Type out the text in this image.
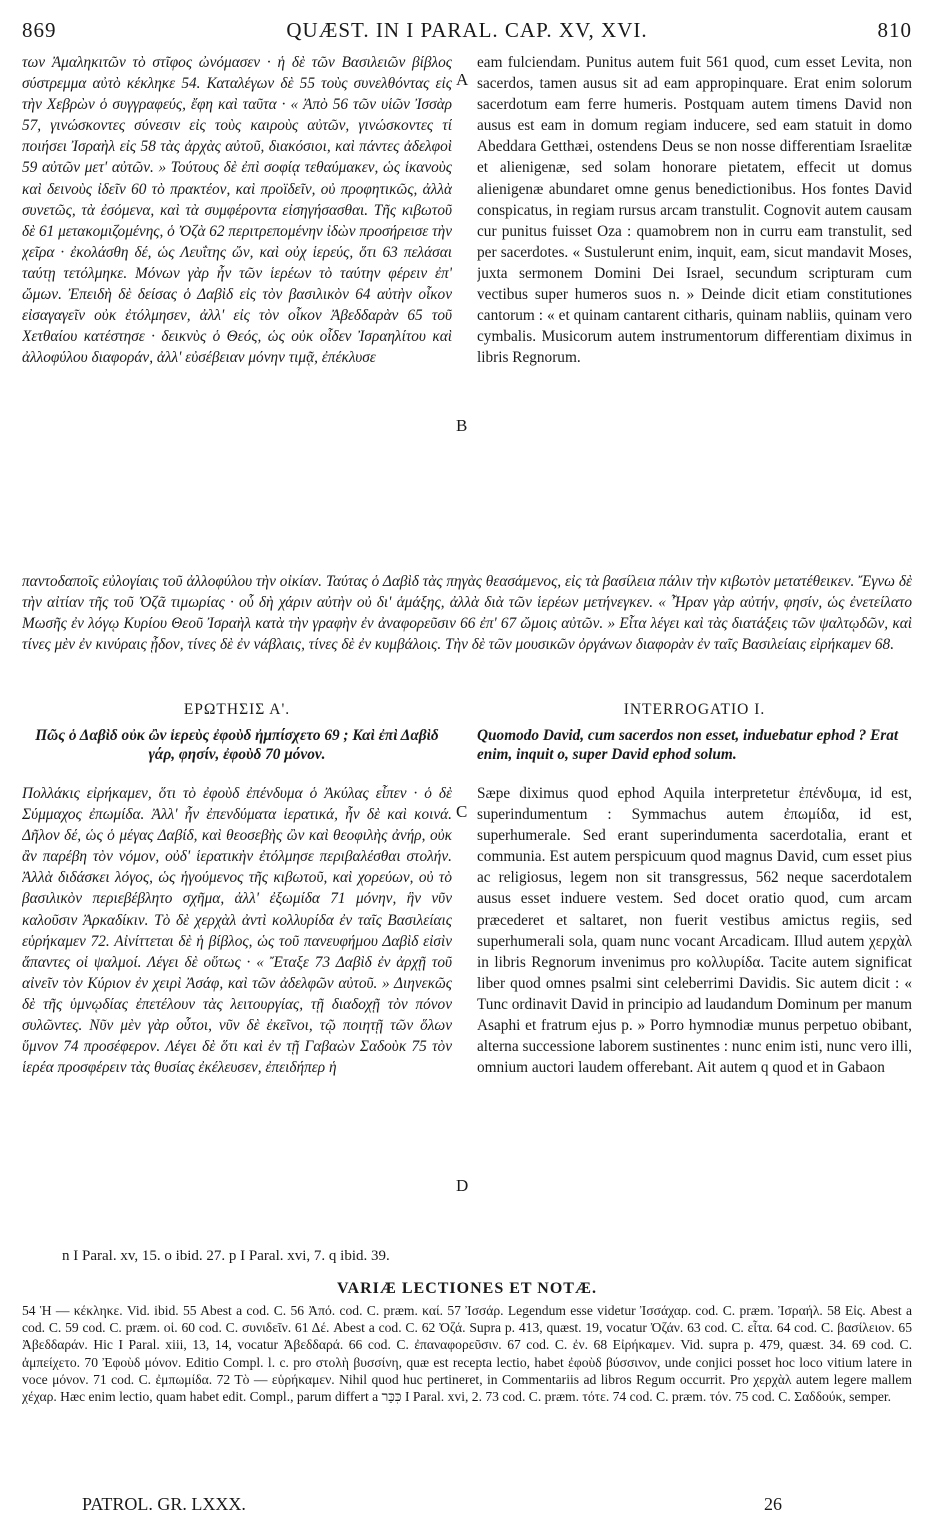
869	QUÆST. IN I PARAL. CAP. XV, XVI.	810

των Ἀμαληκιτῶν τὸ στῖφος ὠνόμασεν · ἡ δὲ τῶν Βασιλειῶν βίβλος σύστρεμμα αὐτὸ κέκληκε 54. Καταλέγων δὲ 55 τοὺς συνελθόντας εἰς τὴν Χεβρὼν ὁ συγγραφεύς, ἔφη καὶ ταῦτα · « Ἀπὸ 56 τῶν υἱῶν Ἰσσὰρ 57, γινώσκοντες σύνεσιν εἰς τοὺς καιροὺς αὐτῶν, γινώσκοντες τί ποιήσει Ἰσραὴλ εἰς 58 τὰς ἀρχὰς αὐτοῦ, διακόσιοι, καὶ πάντες ἀδελφοὶ 59 αὐτῶν μετ' αὐτῶν. » Τούτους δὲ ἐπὶ σοφίᾳ τεθαύμακεν, ὡς ἱκανοὺς καὶ δεινοὺς ἰδεῖν 60 τὸ πρακτέον, καὶ προϊδεῖν, οὐ προφητικῶς, ἀλλὰ συνετῶς, τὰ ἐσόμενα, καὶ τὰ συμφέροντα εἰσηγήσασθαι. Τῆς κιβωτοῦ δὲ 61 μετακομιζομένης, ὁ Ὀζὰ 62 περιτρεπομένην ἰδὼν προσήρεισε τὴν χεῖρα · ἐκολάσθη δέ, ὡς Λευΐτης ὤν, καὶ οὐχ ἱερεύς, ὅτι 63 πελάσαι ταύτῃ τετόλμηκε. Μόνων γὰρ ἦν τῶν ἱερέων τὸ ταύτην φέρειν ἐπ' ὤμων. Ἐπειδὴ δὲ δείσας ὁ Δαβὶδ εἰς τὸν βασιλικὸν 64 αὐτὴν οἶκον εἰσαγαγεῖν οὐκ ἐτόλμησεν, ἀλλ' εἰς τὸν οἶκον Ἀβεδδαρὰν 65 τοῦ Χετθαίου κατέστησε · δεικνὺς ὁ Θεός, ὡς οὐκ οἶδεν Ἰσραηλίτου καὶ ἀλλοφύλου διαφοράν, ἀλλ' εὐσέβειαν μόνην τιμᾷ, ἐπέκλυσε

A

eam fulciendam. Punitus autem fuit 561 quod, cum esset Levita, non sacerdos, tamen ausus sit ad eam appropinquare. Erat enim solorum sacerdotum eam ferre humeris. Postquam autem timens David non ausus est eam in domum regiam inducere, sed eam statuit in domo Abeddara Getthæi, ostendens Deus se non nosse differentiam Israelitæ et alienigenæ, sed solam honorare pietatem, effecit ut domus alienigenæ abundaret omne genus benedictionibus. Hos fontes David conspicatus, in regiam rursus arcam transtulit. Cognovit autem causam cur punitus fuisset Oza : quamobrem non in curru eam transtulit, sed per sacerdotes. « Sustulerunt enim, inquit, eam, sicut mandavit Moses, juxta sermonem Domini Dei Israel, secundum scripturam cum vectibus super humeros suos n. » Deinde dicit etiam constitutiones cantorum : « et quinam cantarent citharis, quinam nabliis, quinam vero cymbalis. Musicorum autem instrumentorum differentiam diximus in libris Regnorum.

B

παντοδαποῖς εὐλογίαις τοῦ ἀλλοφύλου τὴν οἰκίαν. Ταύτας ὁ Δαβὶδ τὰς πηγὰς θεασάμενος, εἰς τὰ βασίλεια πάλιν τὴν κιβωτὸν μετατέθεικεν. Ἔγνω δὲ τὴν αἰτίαν τῆς τοῦ Ὀζᾶ τιμωρίας · οὗ δὴ χάριν αὐτὴν οὐ δι' ἁμάξης, ἀλλὰ διὰ τῶν ἱερέων μετήνεγκεν. « Ἦραν γὰρ αὐτήν, φησίν, ὡς ἐνετείλατο Μωσῆς ἐν λόγῳ Κυρίου Θεοῦ Ἰσραὴλ κατὰ τὴν γραφὴν ἐν ἀναφορεῦσιν 66 ἐπ' 67 ὤμοις αὐτῶν. » Εἶτα λέγει καὶ τὰς διατάξεις τῶν ψαλτῳδῶν, καὶ τίνες μὲν ἐν κινύραις ᾖδον, τίνες δὲ ἐν νάβλαις, τίνες δὲ ἐν κυμβάλοις. Τὴν δὲ τῶν μουσικῶν ὀργάνων διαφορὰν ἐν ταῖς Βασιλείαις εἰρήκαμεν 68.

ΕΡΩΤΗΣΙΣ Α'.	INTERROGATIO I.
Πῶς ὁ Δαβὶδ οὐκ ὢν ἱερεὺς ἐφοὺδ ἠμπίσχετο 69 ; Καὶ ἐπὶ Δαβὶδ γάρ, φησίν, ἐφοὺδ 70 μόνον.
Quomodo David, cum sacerdos non esset, induebatur ephod ? Erat enim, inquit o, super David ephod solum.

Πολλάκις εἰρήκαμεν, ὅτι τὸ ἐφοὺδ ἐπένδυμα ὁ Ἀκύλας εἶπεν · ὁ δὲ Σύμμαχος ἐπωμίδα. Ἀλλ' ἦν ἐπενδύματα ἱερατικά, ἦν δὲ καὶ κοινά. Δῆλον δέ, ὡς ὁ μέγας Δαβίδ, καὶ θεοσεβὴς ὢν καὶ θεοφιλὴς ἀνήρ, οὐκ ἂν παρέβη τὸν νόμον, οὐδ' ἱερατικὴν ἐτόλμησε περιβαλέσθαι στολήν. Ἀλλὰ διδάσκει λόγος, ὡς ἡγούμενος τῆς κιβωτοῦ, καὶ χορεύων, οὐ τὸ βασιλικὸν περιεβέβλητο σχῆμα, ἀλλ' ἐξωμίδα 71 μόνην, ἣν νῦν καλοῦσιν Ἀρκαδίκιν. Τὸ δὲ χερχὰλ ἀντὶ κολλυρίδα ἐν ταῖς Βασιλείαις εὑρήκαμεν 72. Αἰνίττεται δὲ ἡ βίβλος, ὡς τοῦ πανευφήμου Δαβὶδ εἰσὶν ἅπαντες οἱ ψαλμοί. Λέγει δὲ οὕτως · « Ἔταξε 73 Δαβὶδ ἐν ἀρχῇ τοῦ αἰνεῖν τὸν Κύριον ἐν χειρὶ Ἀσάφ, καὶ τῶν ἀδελφῶν αὐτοῦ. » Διηνεκῶς δὲ τῆς ὑμνῳδίας ἐπετέλουν τὰς λειτουργίας, τῇ διαδοχῇ τὸν πόνον συλῶντες. Νῦν μὲν γὰρ οὗτοι, νῦν δὲ ἐκεῖνοι, τῷ ποιητῇ τῶν ὅλων ὕμνον 74 προσέφερον. Λέγει δὲ ὅτι καὶ ἐν τῇ Γαβαὼν Σαδοὺκ 75 τὸν ἱερέα προσφέρειν τὰς θυσίας ἐκέλευσεν, ἐπειδήπερ ἡ

C

Sæpe diximus quod ephod Aquila interpretetur ἐπένδυμα, id est, superindumentum : Symmachus autem ἐπωμίδα, id est, superhumerale. Sed erant superindumenta sacerdotalia, erant et communia. Est autem perspicuum quod magnus David, cum esset pius ac religiosus, legem non sit transgressus, 562 neque sacerdotalem ausus esset induere vestem. Sed docet oratio quod, cum arcam præcederet et saltaret, non fuerit vestibus amictus regiis, sed superhumerali sola, quam nunc vocant Arcadicam. Illud autem χερχὰλ in libris Regnorum invenimus pro κολλυρίδα. Tacite autem significat liber quod omnes psalmi sint celeberrimi Davidis. Sic autem dicit : « Tunc ordinavit David in principio ad laudandum Dominum per manum Asaphi et fratrum ejus p. » Porro hymnodiæ munus perpetuo obibant, alterna successione laborem sustinentes : nunc enim isti, nunc vero illi, omnium auctori laudem offerebant. Ait autem q quod et in Gabaon

D
n I Paral. xv, 15. o ibid. 27. p I Paral. xvi, 7. q ibid. 39.
VARIÆ LECTIONES ET NOTÆ.
54 Ἡ — κέκληκε. Vid. ibid. 55 Abest a cod. C. 56 Ἀπό. cod. C. præm. καί. 57 Ἰσσάρ. Legendum esse videtur Ἰσσάχαρ. cod. C. præm. Ἰσραήλ. 58 Εἰς. Abest a cod. C. 59 cod. C. præm. οἱ. 60 cod. C. συνιδεῖν. 61 Δέ. Abest a cod. C. 62 Ὀζά. Supra p. 413, quæst. 19, vocatur Ὀζάν. 63 cod. C. εἶτα. 64 cod. C. βασίλειον. 65 Ἀβεδδαράν. Hic I Paral. xiii, 13, 14, vocatur Ἀβεδδαρά. 66 cod. C. ἐπαναφορεῦσιν. 67 cod. C. ἐν. 68 Εἰρήκαμεν. Vid. supra p. 479, quæst. 34. 69 cod. C. ἀμπείχετο. 70 Ἐφοὺδ μόνον. Editio Compl. l. c. pro στολὴ βυσσίνη, quæ est recepta lectio, habet ἐφοὺδ βύσσινον, unde conjici posset hoc loco vitium latere in voce μόνον. 71 cod. C. ἐμπωμίδα. 72 Τὸ — εὑρήκαμεν. Nihil quod huc pertineret, in Commentariis ad libros Regum occurrit. Pro χερχὰλ autem legere mallem χέχαρ. Hæc enim lectio, quam habet edit. Compl., parum differt a כִּכַּר I Paral. xvi, 2. 73 cod. C. præm. τότε. 74 cod. C. præm. τόν. 75 cod. C. Σαδδούκ, semper.
PATROL. GR. LXXX.	26
